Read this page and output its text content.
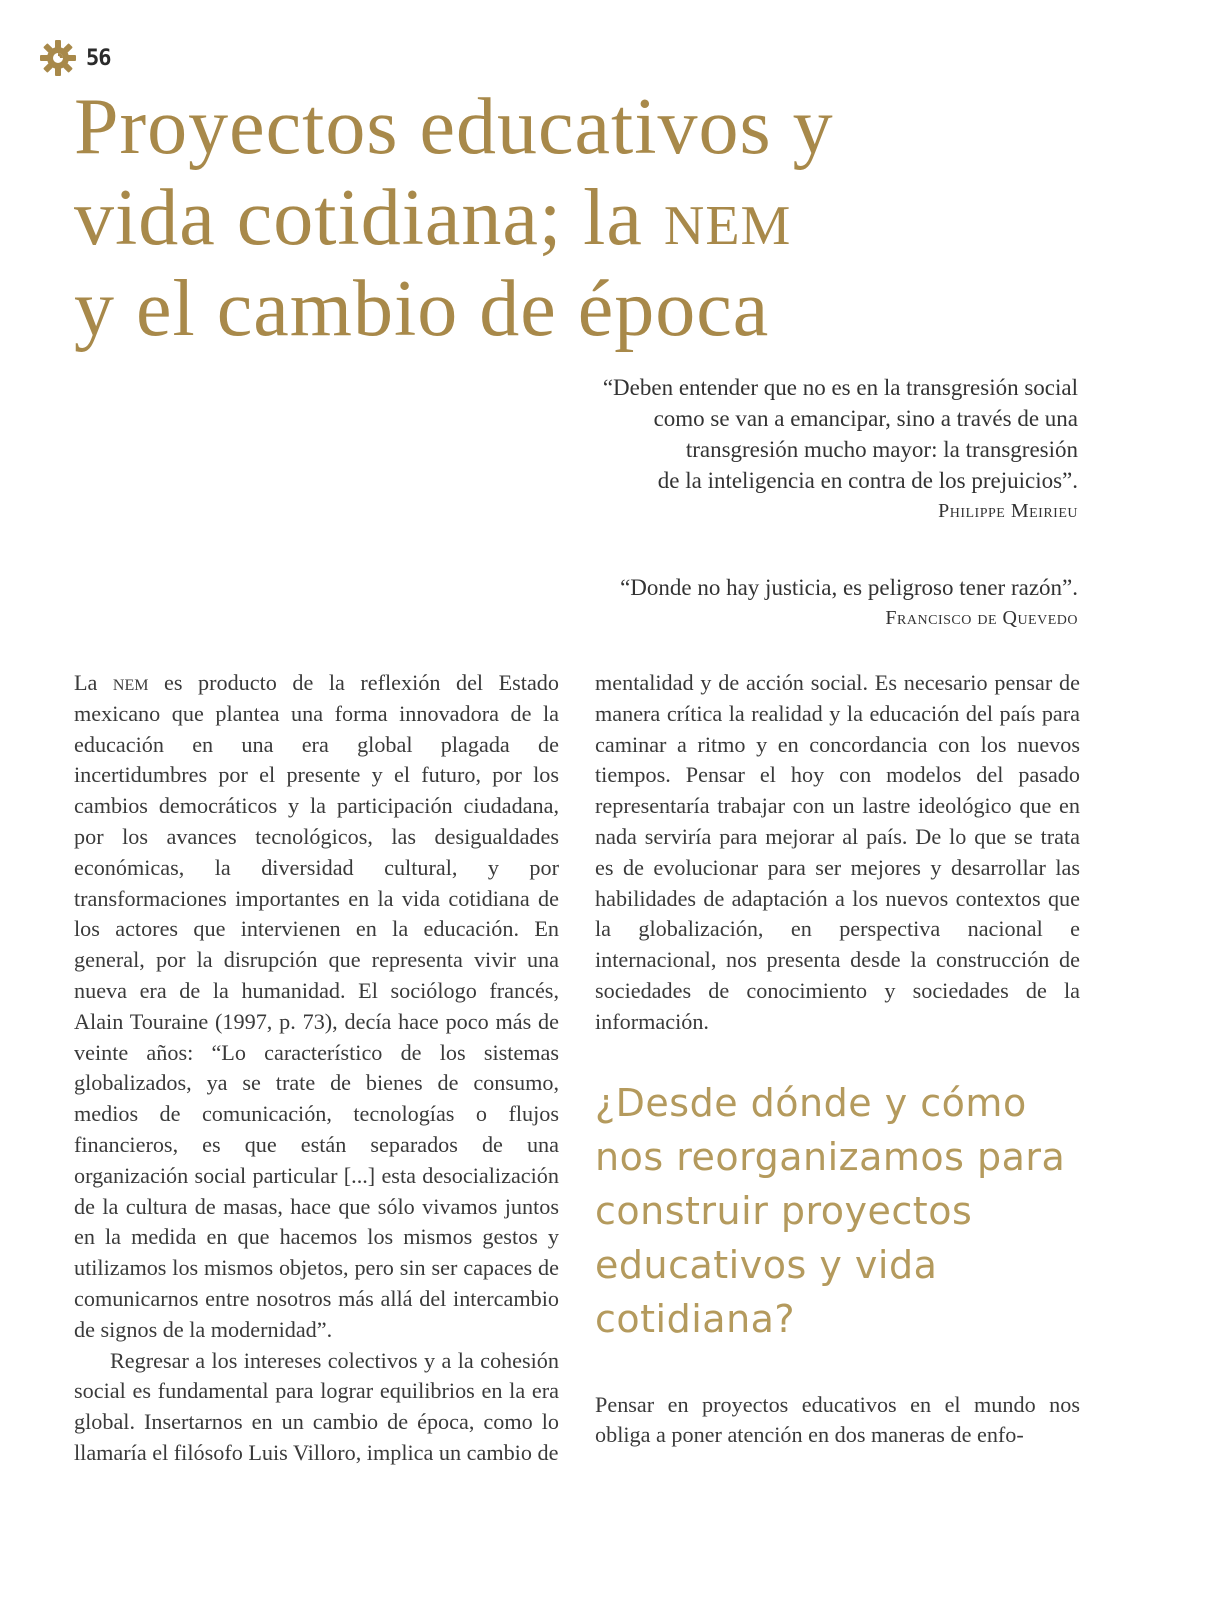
56
Proyectos educativos y
vida cotidiana; la nem
y el cambio de época
“Deben entender que no es en la transgresión social
como se van a emancipar, sino a través de una
transgresión mucho mayor: la transgresión
de la inteligencia en contra de los prejuicios”.
Philippe Meirieu
“Donde no hay justicia, es peligroso tener razón”.
Francisco de Quevedo

La nem es producto de la reflexión del Estado mexicano que plantea una forma innovadora de la educación en una era global plagada de incertidumbres por el presente y el futuro, por los cambios democráticos y la participación ciudadana, por los avances tecnológicos, las desigualdades económicas, la diversidad cultural, y por transformaciones importantes en la vida cotidiana de los actores que intervienen en la educación. En general, por la disrupción que representa vivir una nueva era de la humanidad. El sociólogo francés, Alain Touraine (1997, p. 73), decía hace poco más de veinte años: “Lo característico de los sistemas globalizados, ya se trate de bienes de consumo, medios de comunicación, tecnologías o flujos financieros, es que están separados de una organización social particular [...] esta desocialización de la cultura de masas, hace que sólo vivamos juntos en la medida en que hacemos los mismos gestos y utilizamos los mismos objetos, pero sin ser capaces de comunicarnos entre nosotros más allá del intercambio de signos de la modernidad”.

Regresar a los intereses colectivos y a la cohesión social es fundamental para lograr equilibrios en la era global. Insertarnos en un cambio de época, como lo llamaría el filósofo Luis Villoro, implica un cambio de

mentalidad y de acción social. Es necesario pensar de manera crítica la realidad y la educación del país para caminar a ritmo y en concordancia con los nuevos tiempos. Pensar el hoy con modelos del pasado representaría trabajar con un lastre ideológico que en nada serviría para mejorar al país. De lo que se trata es de evolucionar para ser mejores y desarrollar las habilidades de adaptación a los nuevos contextos que la globalización, en perspectiva nacional e internacional, nos presenta desde la construcción de sociedades de conocimiento y sociedades de la información.

¿Desde dónde y cómo nos reorganizamos para construir proyectos educativos y vida cotidiana?

Pensar en proyectos educativos en el mundo nos obliga a poner atención en dos maneras de enfo-
